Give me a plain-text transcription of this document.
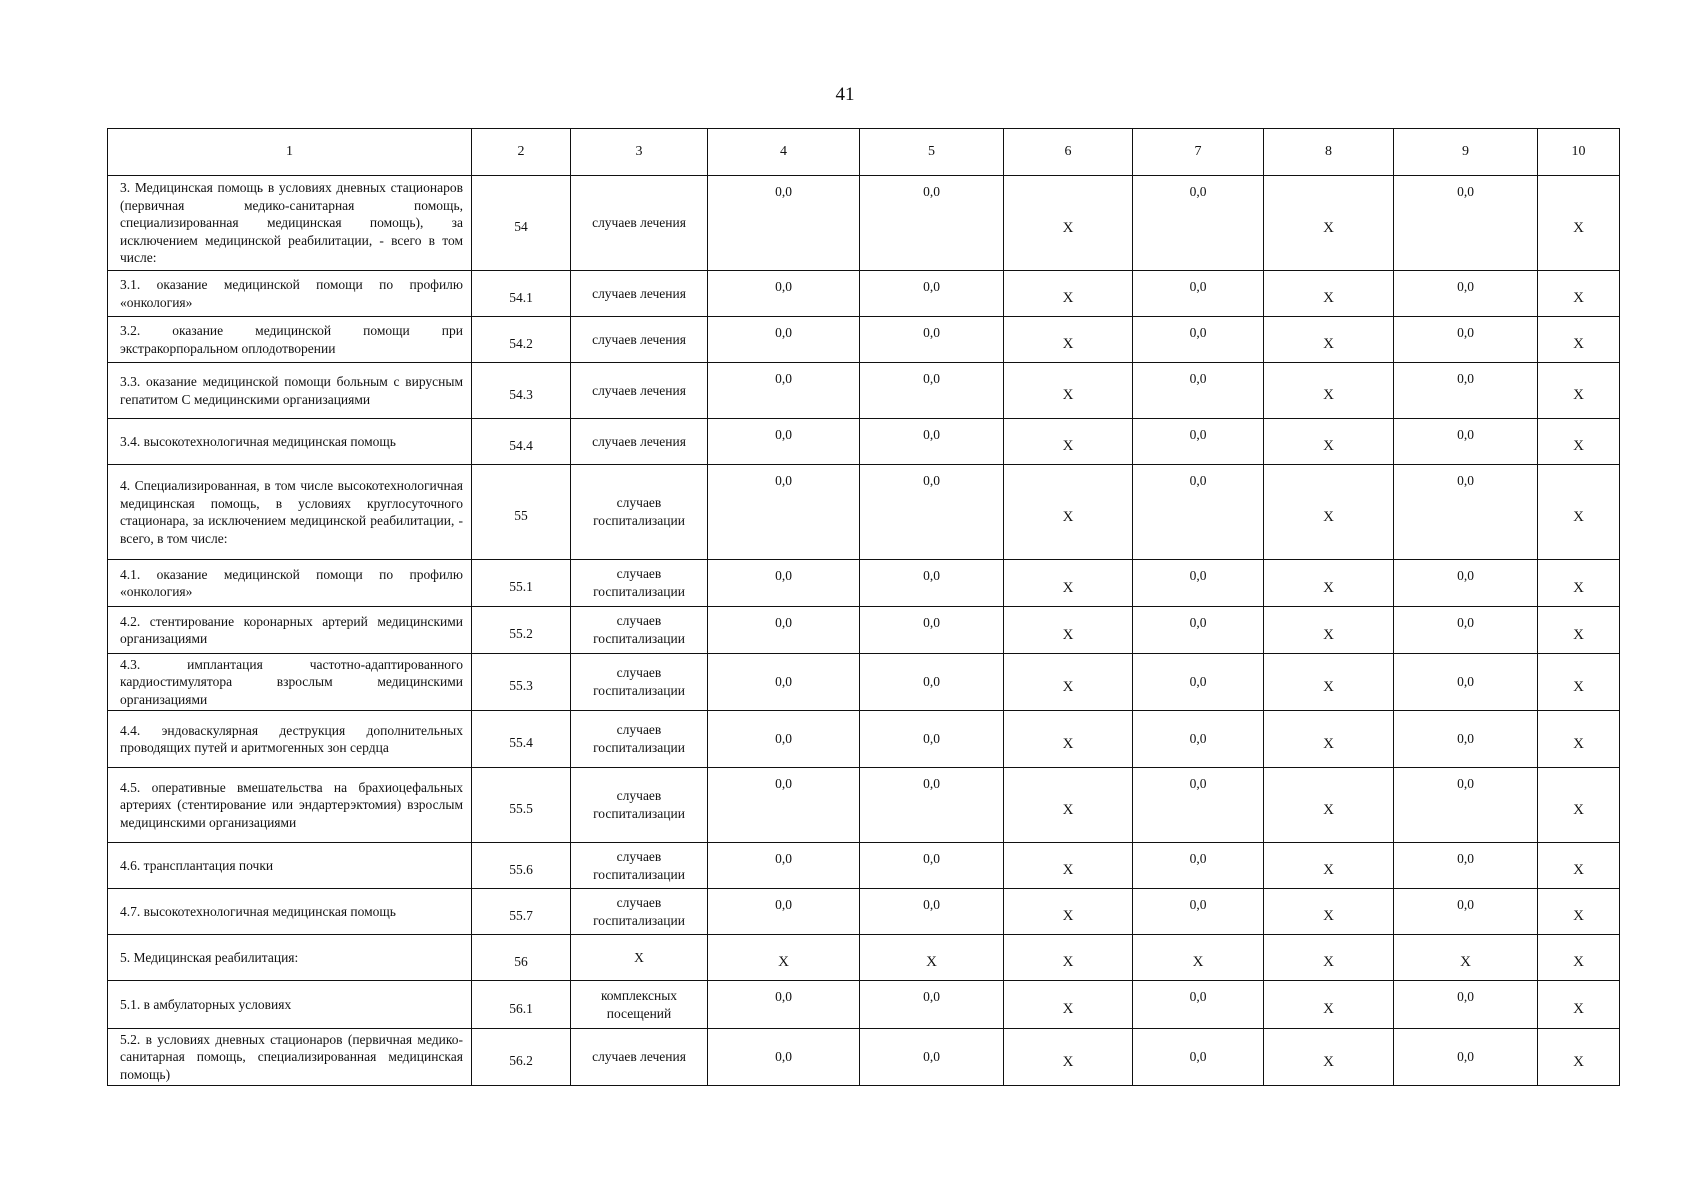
41
1	2	3	4	5	6	7	8	9	10
3. Медицинская помощь в условиях дневных стационаров (первичная медико-санитарная помощь, специализированная медицинская помощь), за исключением медицинской реабилитации, - всего в том числе:	54	случаев лечения	0,0	0,0	Х	0,0	Х	0,0	Х
3.1. оказание медицинской помощи по профилю «онкология»	54.1	случаев лечения	0,0	0,0	Х	0,0	Х	0,0	Х
3.2. оказание медицинской помощи при экстракорпоральном оплодотворении	54.2	случаев лечения	0,0	0,0	Х	0,0	Х	0,0	Х
3.3. оказание медицинской помощи больным с вирусным гепатитом С медицинскими организациями	54.3	случаев лечения	0,0	0,0	Х	0,0	Х	0,0	Х
3.4. высокотехнологичная медицинская помощь	54.4	случаев лечения	0,0	0,0	Х	0,0	Х	0,0	Х
4. Специализированная, в том числе высокотехнологичная медицинская помощь, в условиях круглосуточного стационара, за исключением медицинской реабилитации, - всего, в том числе:	55	случаев госпитализации	0,0	0,0	Х	0,0	Х	0,0	Х
4.1. оказание медицинской помощи по профилю «онкология»	55.1	случаев госпитализации	0,0	0,0	Х	0,0	Х	0,0	Х
4.2. стентирование коронарных артерий медицинскими организациями	55.2	случаев госпитализации	0,0	0,0	Х	0,0	Х	0,0	Х
4.3. имплантация частотно-адаптированного кардиостимулятора взрослым медицинскими организациями	55.3	случаев госпитализации	0,0	0,0	Х	0,0	Х	0,0	Х
4.4. эндоваскулярная деструкция дополнительных проводящих путей и аритмогенных зон сердца	55.4	случаев госпитализации	0,0	0,0	Х	0,0	Х	0,0	Х
4.5. оперативные вмешательства на брахиоцефальных артериях (стентирование или эндартерэктомия) взрослым медицинскими организациями	55.5	случаев госпитализации	0,0	0,0	Х	0,0	Х	0,0	Х
4.6. трансплантация почки	55.6	случаев госпитализации	0,0	0,0	Х	0,0	Х	0,0	Х
4.7. высокотехнологичная медицинская помощь	55.7	случаев госпитализации	0,0	0,0	Х	0,0	Х	0,0	Х
5. Медицинская реабилитация:	56	Х	Х	Х	Х	Х	Х	Х	Х
5.1. в амбулаторных условиях	56.1	комплексных посещений	0,0	0,0	Х	0,0	Х	0,0	Х
5.2. в условиях дневных стационаров (первичная медико-санитарная помощь, специализированная медицинская помощь)	56.2	случаев лечения	0,0	0,0	Х	0,0	Х	0,0	Х
